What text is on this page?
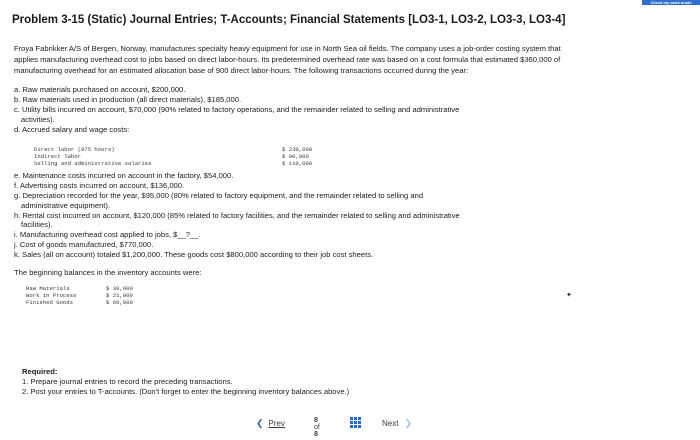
Problem 3-15 (Static) Journal Entries; T-Accounts; Financial Statements [LO3-1, LO3-2, LO3-3, LO3-4]
Check my work mode

Froya Fabrikker A/S of Bergen, Norway, manufactures specialty heavy equipment for use in North Sea oil fields. The company uses a job-order costing system that applies manufacturing overhead cost to jobs based on direct labor-hours. Its predetermined overhead rate was based on a cost formula that estimated $360,000 of manufacturing overhead for an estimated allocation base of 900 direct labor-hours. The following transactions occurred during the year:

a. Raw materials purchased on account, $200,000.
b. Raw materials used in production (all direct materials), $185,000.
c. Utility bills incurred on account, $70,000 (90% related to factory operations, and the remainder related to selling and administrative
activities).
d. Accrued salary and wage costs:
Direct labor (975 hours)	$ 230,000
Indirect labor	$ 90,000
Selling and administrative salaries	$ 110,000
e. Maintenance costs incurred on account in the factory, $54,000.
f. Advertising costs incurred on account, $136,000.
g. Depreciation recorded for the year, $95,000 (80% related to factory equipment, and the remainder related to selling and
administrative equipment).
h. Rental cost incurred on account, $120,000 (85% related to factory facilities, and the remainder related to selling and administrative
facilities).
i. Manufacturing overhead cost applied to jobs, $__?__.
j. Cost of goods manufactured, $770,000.
k. Sales (all on account) totaled $1,200,000. These goods cost $800,000 according to their job cost sheets.

The beginning balances in the inventory accounts were:

Raw Materials	$ 30,000
Work in Process	$ 21,000
Finished Goods	$ 60,000
Required:
1. Prepare journal entries to record the preceding transactions.
2. Post your entries to T-accounts. (Don't forget to enter the beginning inventory balances above.)
✦
❮ Prev	8 of 8
Next ❯
